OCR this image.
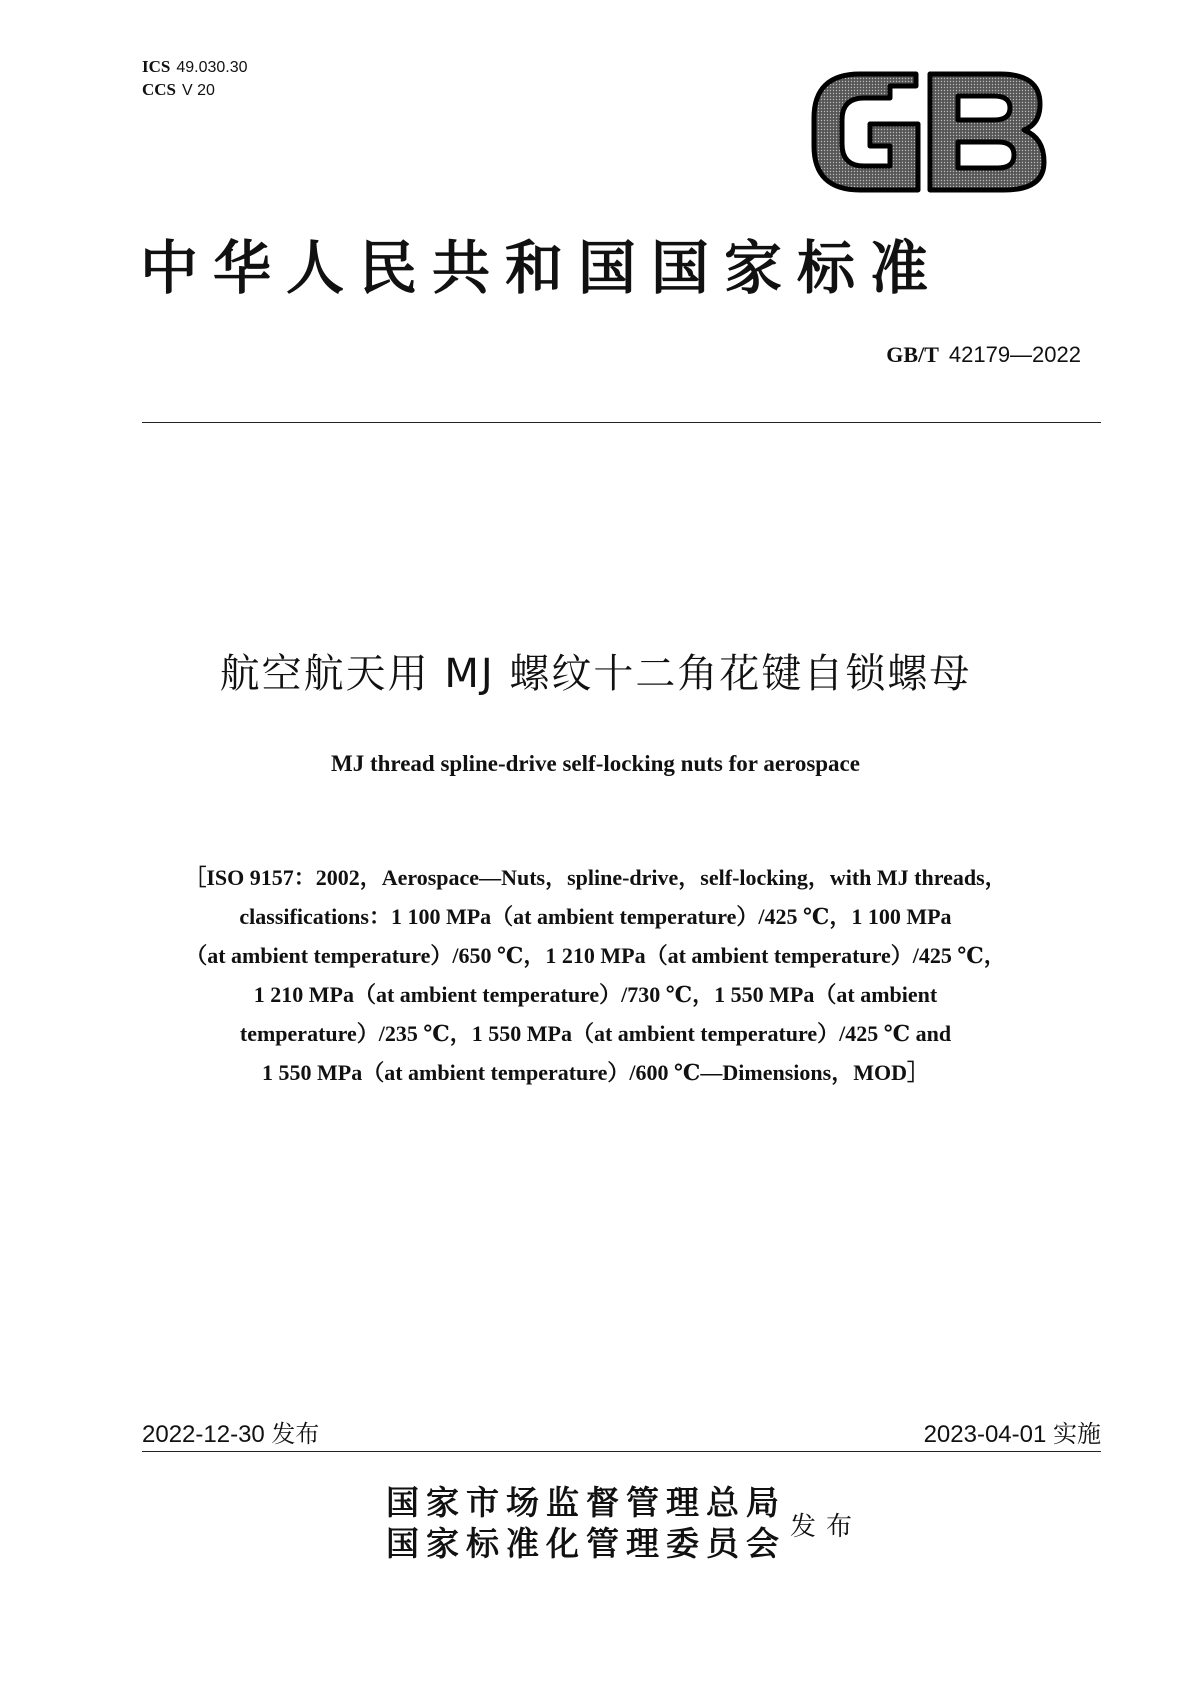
ICS 49.030.30
CCS V 20
中华人民共和国国家标准
GB/T 42179—2022
航空航天用 MJ 螺纹十二角花键自锁螺母
MJ thread spline-drive self-locking nuts for aerospace
［ISO 9157：2002，Aerospace—Nuts，spline-drive，self-locking，with MJ threads，
classifications：1 100 MPa（at ambient temperature）/425 ℃，1 100 MPa
（at ambient temperature）/650 ℃，1 210 MPa（at ambient temperature）/425 ℃，
1 210 MPa（at ambient temperature）/730 ℃，1 550 MPa（at ambient
temperature）/235 ℃，1 550 MPa（at ambient temperature）/425 ℃ and
1 550 MPa（at ambient temperature）/600 ℃—Dimensions，MOD］
2022-12-30 发布	2023-04-01 实施
国家市场监督管理总局
国家标准化管理委员会 发布
